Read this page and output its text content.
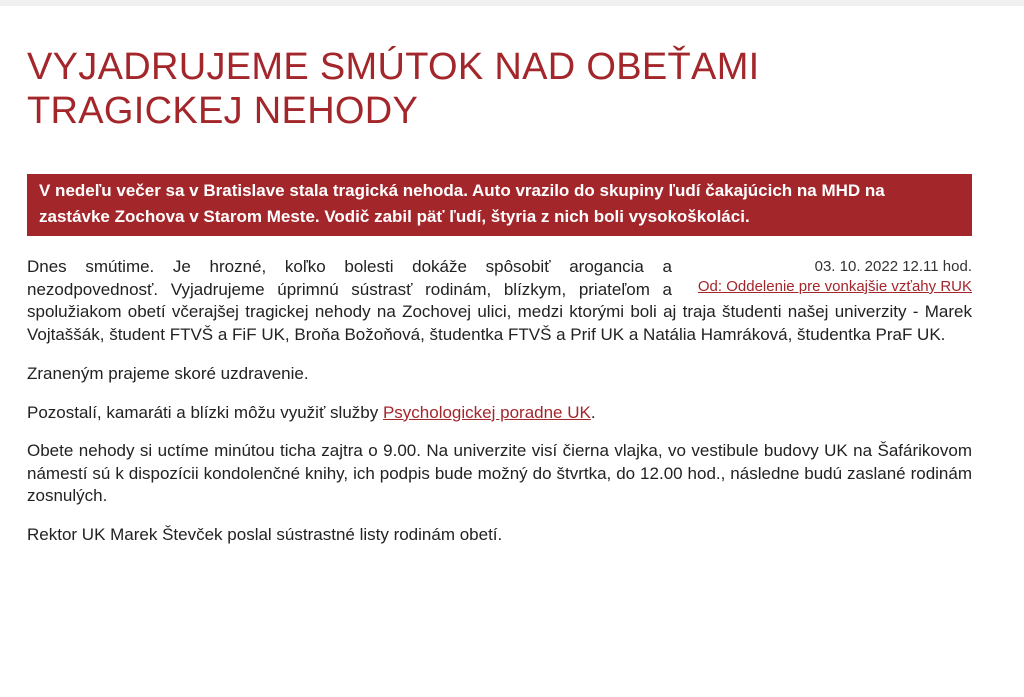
VYJADRUJEME SMÚTOK NAD OBEŤAMI
TRAGICKEJ NEHODY
V nedeľu večer sa v Bratislave stala tragická nehoda. Auto vrazilo do skupiny ľudí čakajúcich na MHD na zastávke Zochova v Starom Meste. Vodič zabil päť ľudí, štyria z nich boli vysokoškoláci.
03. 10. 2022 12.11 hod.
Od: Oddelenie pre vonkajšie vzťahy RUK

Dnes smútime. Je hrozné, koľko bolesti dokáže spôsobiť arogancia a nezodpovednosť. Vyjadrujeme úprimnú sústrasť rodinám, blízkym, priateľom a spolužiakom obetí včerajšej tragickej nehody na Zochovej ulici, medzi ktorými boli aj traja študenti našej univerzity - Marek Vojtaššák, študent FTVŠ a FiF UK, Broňa Božoňová, študentka FTVŠ a Prif UK a Natália Hamráková, študentka PraF UK.

Zraneným prajeme skoré uzdravenie.

Pozostalí, kamaráti a blízki môžu využiť služby Psychologickej poradne UK.

Obete nehody si uctíme minútou ticha zajtra o 9.00. Na univerzite visí čierna vlajka, vo vestibule budovy UK na Šafárikovom námestí sú k dispozícii kondolenčné knihy, ich podpis bude možný do štvrtka, do 12.00 hod., následne budú zaslané rodinám zosnulých.

Rektor UK Marek Števček poslal sústrastné listy rodinám obetí.
